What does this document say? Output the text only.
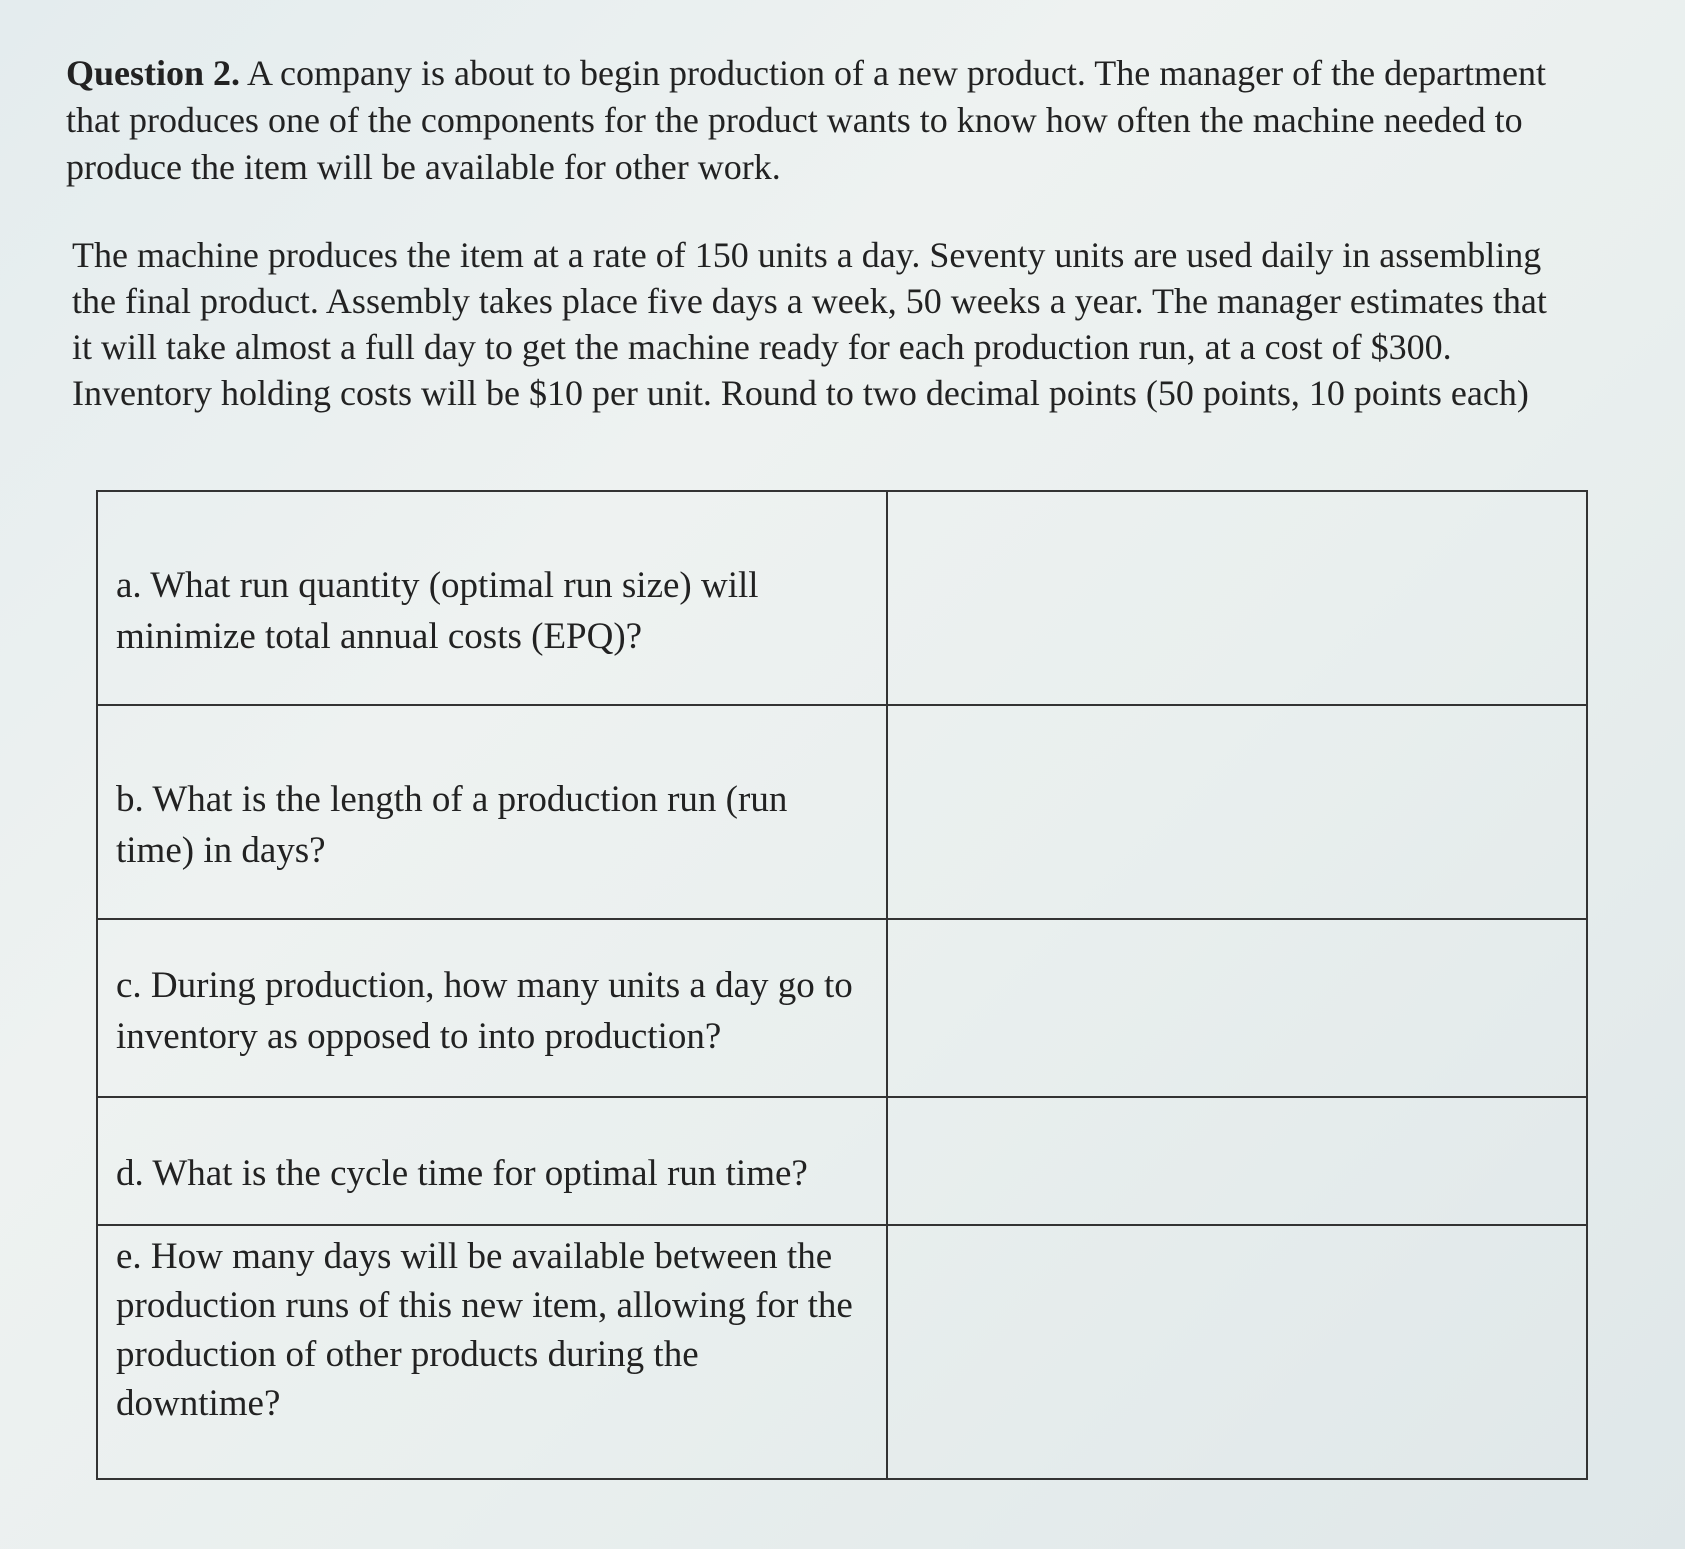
Question 2. A company is about to begin production of a new product. The manager of the department that produces one of the components for the product wants to know how often the machine needed to produce the item will be available for other work.

The machine produces the item at a rate of 150 units a day. Seventy units are used daily in assembling the final product. Assembly takes place five days a week, 50 weeks a year. The manager estimates that it will take almost a full day to get the machine ready for each production run, at a cost of $300. Inventory holding costs will be $10 per unit. Round to two decimal points (50 points, 10 points each)

a. What run quantity (optimal run size) will minimize total annual costs (EPQ)?	
b. What is the length of a production run (run time) in days?	
c. During production, how many units a day go to inventory as opposed to into production?	
d. What is the cycle time for optimal run time?	
e. How many days will be available between the production runs of this new item, allowing for the production of other products during the downtime?	
